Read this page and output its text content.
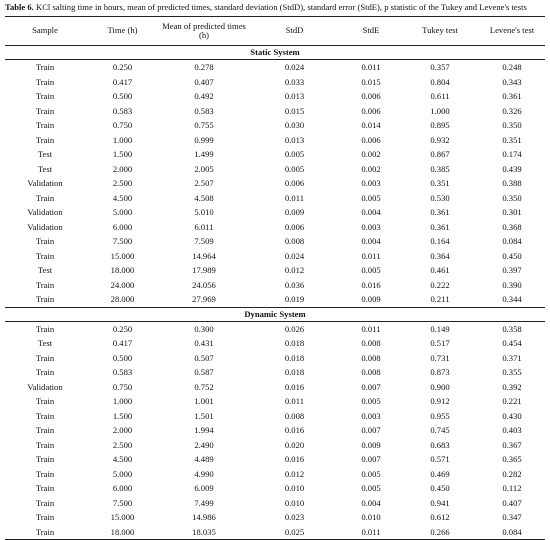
Table 6. KCl salting time in hours, mean of predicted times, standard deviation (StdD), standard error (StdE), p statistic of the Tukey and Levene's tests
Sample	Time (h)	Mean of predicted times (h)	StdD	StdE	Tukey test	Levene's test
Static System						
Train	0.250	0.278	0.024	0.011	0.357	0.248
Train	0.417	0.407	0.033	0.015	0.804	0.343
Train	0.500	0.492	0.013	0.006	0.611	0.361
Train	0.583	0.583	0.015	0.006	1.000	0.326
Train	0.750	0.755	0.030	0.014	0.895	0.350
Train	1.000	0.999	0.013	0.006	0.932	0.351
Test	1.500	1.499	0.005	0.002	0.867	0.174
Test	2.000	2.005	0.005	0.002	0.385	0.439
Validation	2.500	2.507	0.006	0.003	0.351	0.388
Train	4.500	4.508	0.011	0.005	0.530	0.350
Validation	5.000	5.010	0.009	0.004	0.361	0.301
Validation	6.000	6.011	0.006	0.003	0.361	0.368
Train	7.500	7.509	0.008	0.004	0.164	0.084
Train	15.000	14.964	0.024	0.011	0.364	0.450
Test	18.000	17.989	0.012	0.005	0.461	0.397
Train	24.000	24.056	0.036	0.016	0.222	0.390
Train	28.000	27.969	0.019	0.009	0.211	0.344
Dynamic System						
Train	0.250	0.300	0.026	0.011	0.149	0.358
Test	0.417	0.431	0.018	0.008	0.517	0.454
Train	0.500	0.507	0.018	0.008	0.731	0.371
Train	0.583	0.587	0.018	0.008	0.873	0.355
Validation	0.750	0.752	0.016	0.007	0.900	0.392
Train	1.000	1.001	0.011	0.005	0.912	0.221
Train	1.500	1.501	0.008	0.003	0.955	0.430
Train	2.000	1.994	0.016	0.007	0.745	0.403
Train	2.500	2.490	0.020	0.009	0.683	0.367
Train	4.500	4.489	0.016	0.007	0.571	0.365
Train	5.000	4.990	0.012	0.005	0.469	0.282
Train	6.000	6.009	0.010	0.005	0.450	0.112
Train	7.500	7.499	0.010	0.004	0.941	0.407
Train	15.000	14.986	0.023	0.010	0.612	0.347
Train	18.000	18.035	0.025	0.011	0.266	0.084
